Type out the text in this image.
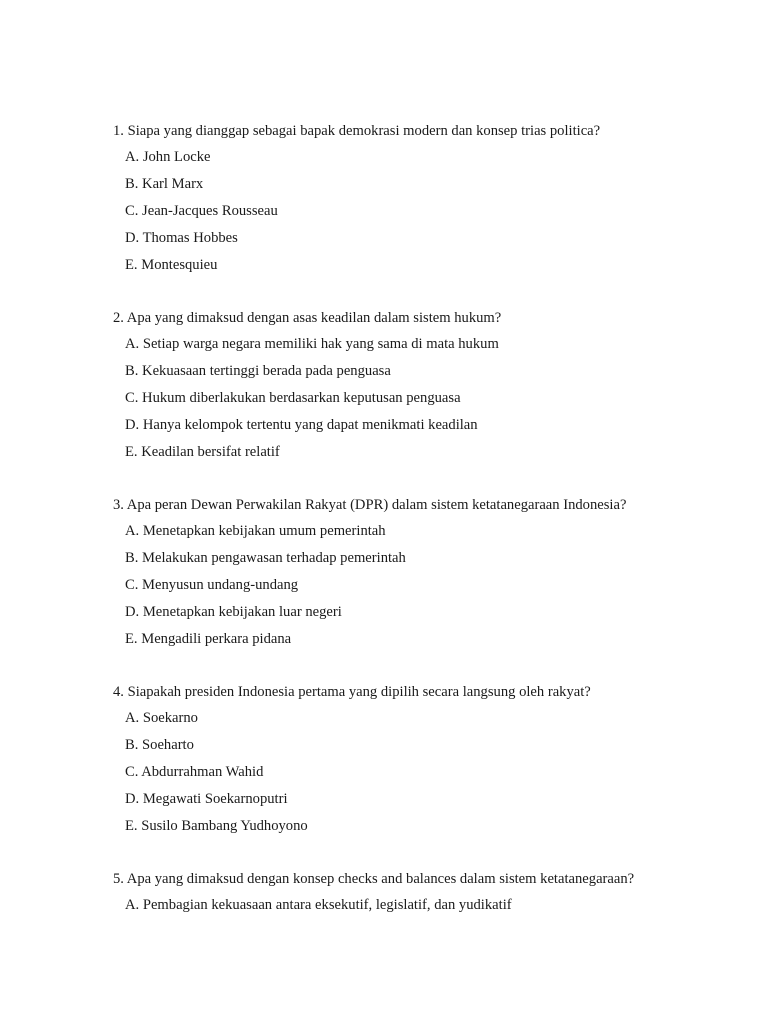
1. Siapa yang dianggap sebagai bapak demokrasi modern dan konsep trias politica?

A. John Locke

B. Karl Marx

C. Jean-Jacques Rousseau

D. Thomas Hobbes

E. Montesquieu

2. Apa yang dimaksud dengan asas keadilan dalam sistem hukum?

A. Setiap warga negara memiliki hak yang sama di mata hukum

B. Kekuasaan tertinggi berada pada penguasa

C. Hukum diberlakukan berdasarkan keputusan penguasa

D. Hanya kelompok tertentu yang dapat menikmati keadilan

E. Keadilan bersifat relatif

3. Apa peran Dewan Perwakilan Rakyat (DPR) dalam sistem ketatanegaraan Indonesia?

A. Menetapkan kebijakan umum pemerintah

B. Melakukan pengawasan terhadap pemerintah

C. Menyusun undang-undang

D. Menetapkan kebijakan luar negeri

E. Mengadili perkara pidana

4. Siapakah presiden Indonesia pertama yang dipilih secara langsung oleh rakyat?

A. Soekarno

B. Soeharto

C. Abdurrahman Wahid

D. Megawati Soekarnoputri

E. Susilo Bambang Yudhoyono

5. Apa yang dimaksud dengan konsep checks and balances dalam sistem ketatanegaraan?

A. Pembagian kekuasaan antara eksekutif, legislatif, dan yudikatif
